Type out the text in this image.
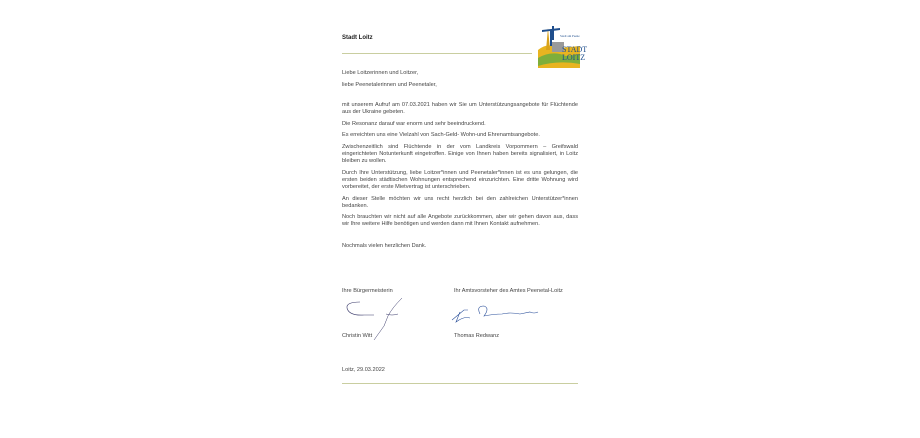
Stadt Loitz	Stadt am Peene
STADT
LOITZ
Liebe Loitzerinnen und Loitzer,
liebe Peenetalerinnen und Peenetaler,
mit unserem Aufruf am 07.03.2021 haben wir Sie um Unterstützungsangebote für Flüchtende aus der Ukraine gebeten.
Die Resonanz darauf war enorm und sehr beeindruckend.
Es erreichten uns eine Vielzahl von Sach-Geld- Wohn-und Ehrenamtsangebote.
Zwischenzeitlich sind Flüchtende in der vom Landkreis Vorpommern – Greifswald eingerichteten Notunterkunft eingetroffen. Einige von Ihnen haben bereits signalisiert, in Loitz bleiben zu wollen.
Durch Ihre Unterstützung, liebe Loitzer*innen und Peenetaler*innen ist es uns gelungen, die ersten beiden städtischen Wohnungen entsprechend einzurichten. Eine dritte Wohnung wird vorbereitet, der erste Mietvertrag ist unterschrieben.
An dieser Stelle möchten wir uns recht herzlich bei den zahlreichen Unterstützer*innen bedanken.
Noch brauchten wir nicht auf alle Angebote zurückkommen, aber wir gehen davon aus, dass wir Ihre weitere Hilfe benötigen und werden dann mit Ihnen Kontakt aufnehmen.
Nochmals vielen herzlichen Dank.
Ihre Bürgermeisterin	Ihr Amtsvorsteher des Amtes Peenetal-Loitz
Christin Witt	Thomas Redwanz
Loitz, 29.03.2022
